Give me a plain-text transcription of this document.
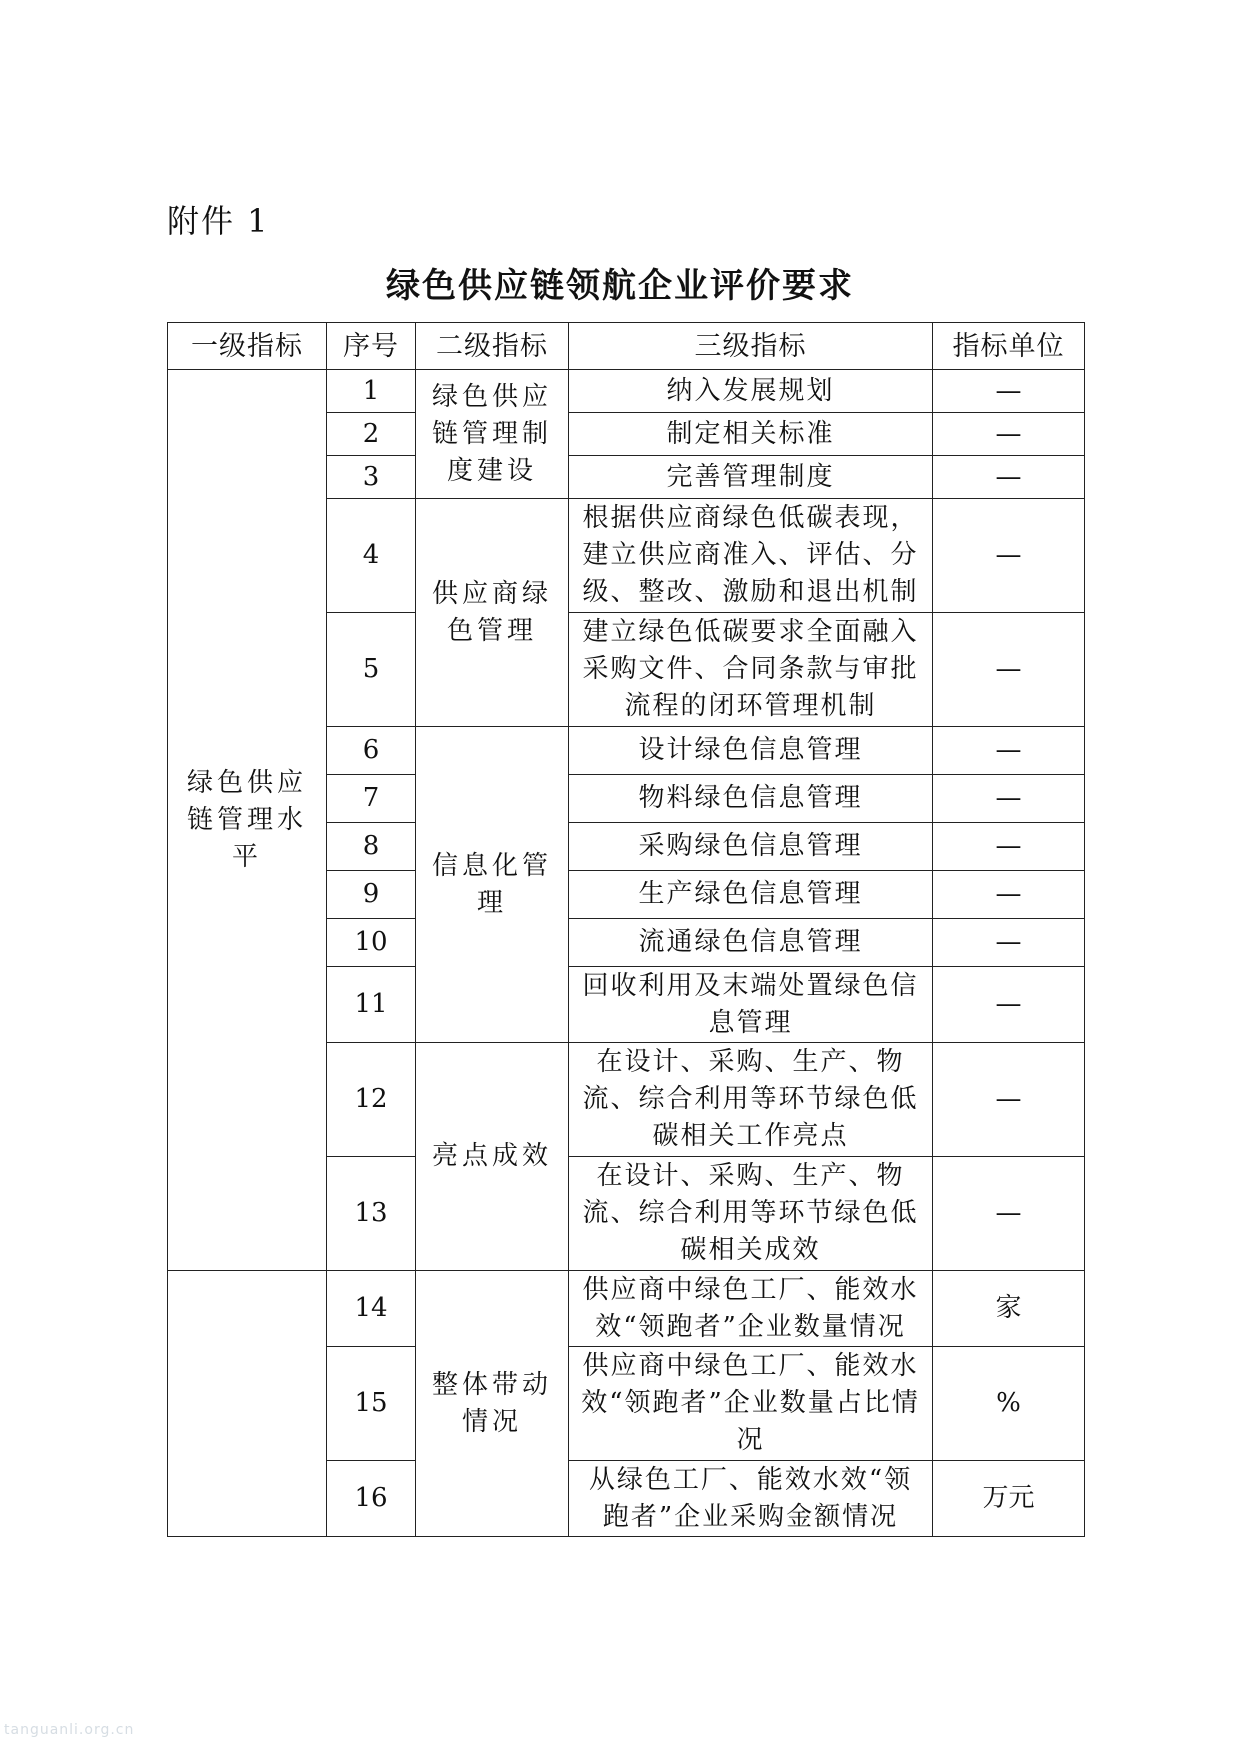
附件 1
绿色供应链领航企业评价要求
一级指标	序号	二级指标	三级指标	指标单位
绿色供应链管理水平	1	绿色供应链管理制度建设	纳入发展规划	—
	2		制定相关标准	—
	3		完善管理制度	—
	4	供应商绿色管理	根据供应商绿色低碳表现，建立供应商准入、评估、分级、整改、激励和退出机制	—
	5		建立绿色低碳要求全面融入采购文件、合同条款与审批流程的闭环管理机制	—
	6	信息化管理	设计绿色信息管理	—
	7		物料绿色信息管理	—
	8		采购绿色信息管理	—
	9		生产绿色信息管理	—
	10		流通绿色信息管理	—
	11		回收利用及末端处置绿色信息管理	—
	12	亮点成效	在设计、采购、生产、物流、综合利用等环节绿色低碳相关工作亮点	—
	13		在设计、采购、生产、物流、综合利用等环节绿色低碳相关成效	—
	14	整体带动情况	供应商中绿色工厂、能效水效“领跑者”企业数量情况	家
	15		供应商中绿色工厂、能效水效“领跑者”企业数量占比情况	%
	16		从绿色工厂、能效水效“领跑者”企业采购金额情况	万元
tanguanli.org.cn
